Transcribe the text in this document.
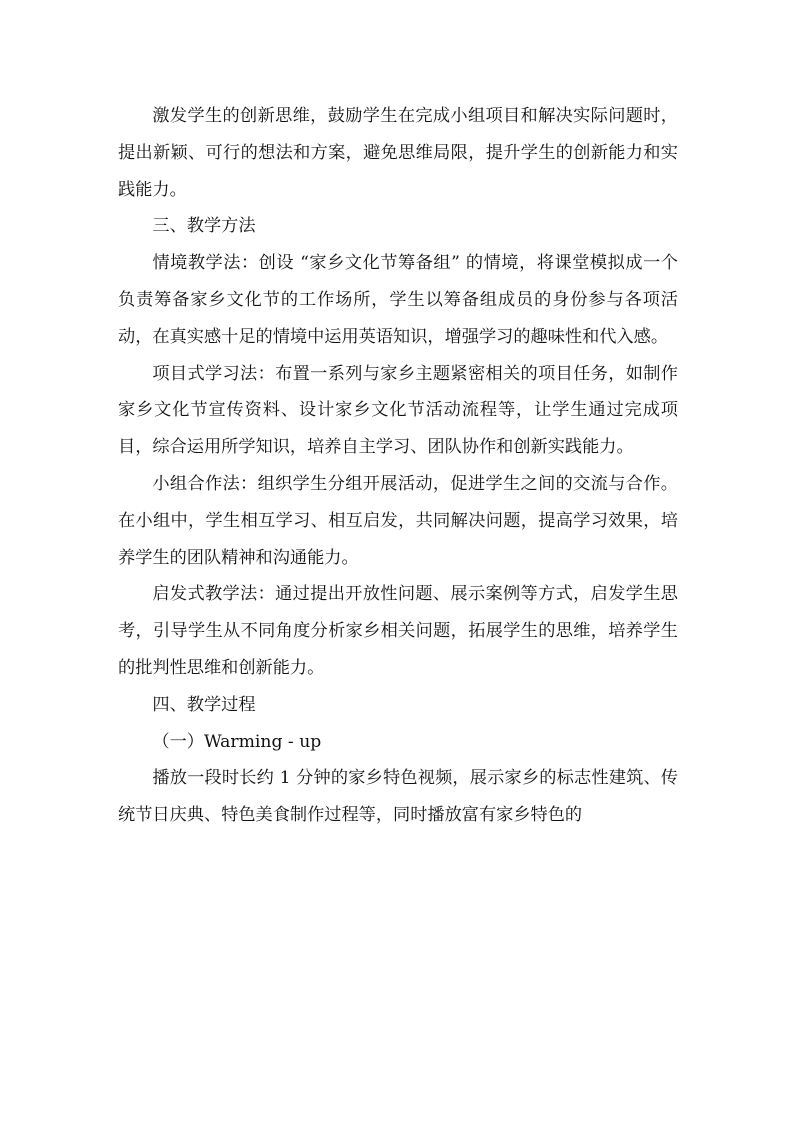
激发学生的创新思维，鼓励学生在完成小组项目和解决实际问题时，提出新颖、可行的想法和方案，避免思维局限，提升学生的创新能力和实践能力。

三、教学方法

情境教学法：创设 “家乡文化节筹备组” 的情境，将课堂模拟成一个负责筹备家乡文化节的工作场所，学生以筹备组成员的身份参与各项活动，在真实感十足的情境中运用英语知识，增强学习的趣味性和代入感。

项目式学习法：布置一系列与家乡主题紧密相关的项目任务，如制作家乡文化节宣传资料、设计家乡文化节活动流程等，让学生通过完成项目，综合运用所学知识，培养自主学习、团队协作和创新实践能力。

小组合作法：组织学生分组开展活动，促进学生之间的交流与合作。在小组中，学生相互学习、相互启发，共同解决问题，提高学习效果，培养学生的团队精神和沟通能力。

启发式教学法：通过提出开放性问题、展示案例等方式，启发学生思考，引导学生从不同角度分析家乡相关问题，拓展学生的思维，培养学生的批判性思维和创新能力。

四、教学过程

（一）Warming - up

播放一段时长约 1 分钟的家乡特色视频，展示家乡的标志性建筑、传统节日庆典、特色美食制作过程等，同时播放富有家乡特色的
